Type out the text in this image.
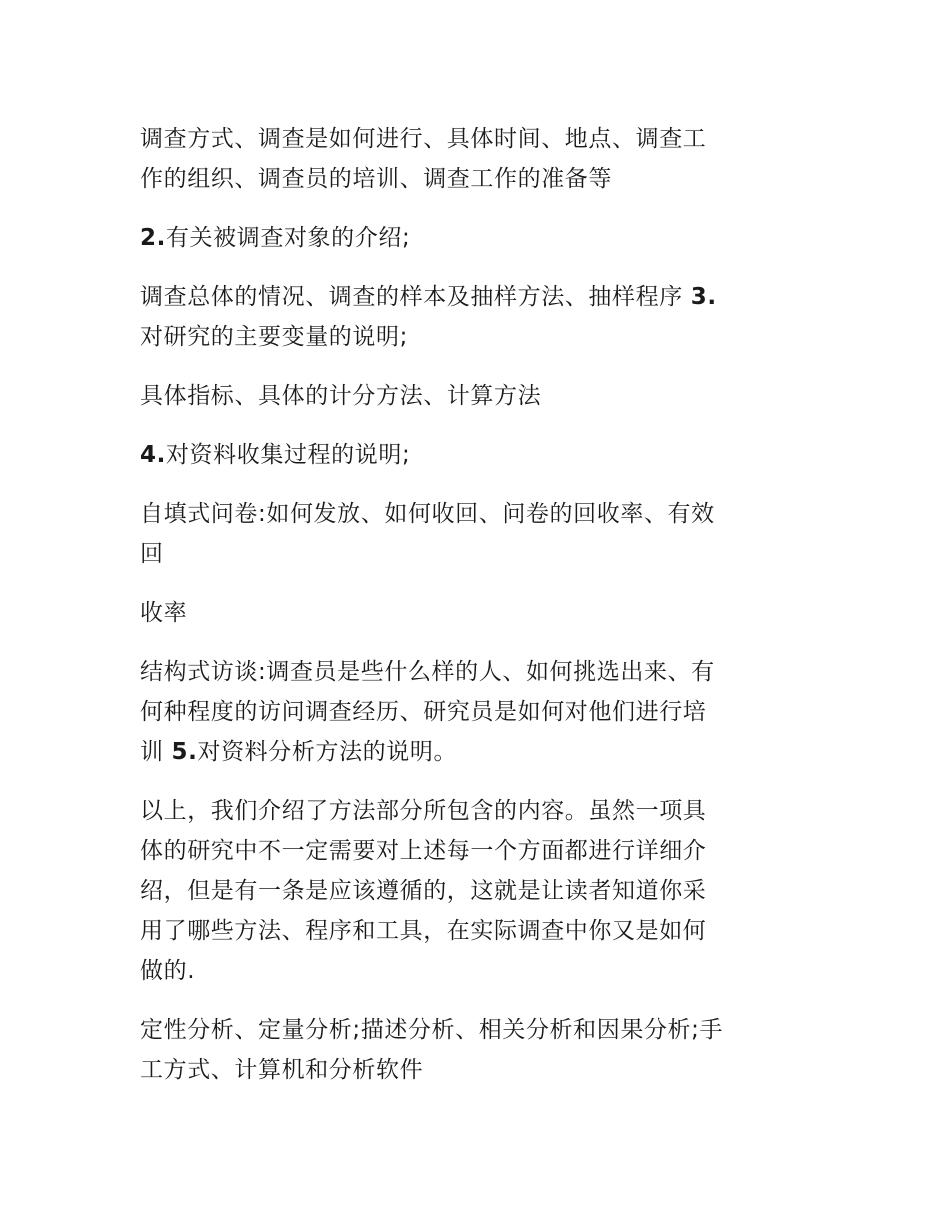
调查方式、调查是如何进行、具体时间、地点、调查工
作的组织、调查员的培训、调查工作的准备等

2.有关被调查对象的介绍;

调查总体的情况、调查的样本及抽样方法、抽样程序 3.
对研究的主要变量的说明;

具体指标、具体的计分方法、计算方法

4.对资料收集过程的说明;

自填式问卷:如何发放、如何收回、问卷的回收率、有效
回

收率

结构式访谈:调查员是些什么样的人、如何挑选出来、有
何种程度的访问调查经历、研究员是如何对他们进行培
训 5.对资料分析方法的说明。

以上，我们介绍了方法部分所包含的内容。虽然一项具
体的研究中不一定需要对上述每一个方面都进行详细介
绍，但是有一条是应该遵循的，这就是让读者知道你采
用了哪些方法、程序和工具，在实际调查中你又是如何
做的.

定性分析、定量分析;描述分析、相关分析和因果分析;手
工方式、计算机和分析软件
